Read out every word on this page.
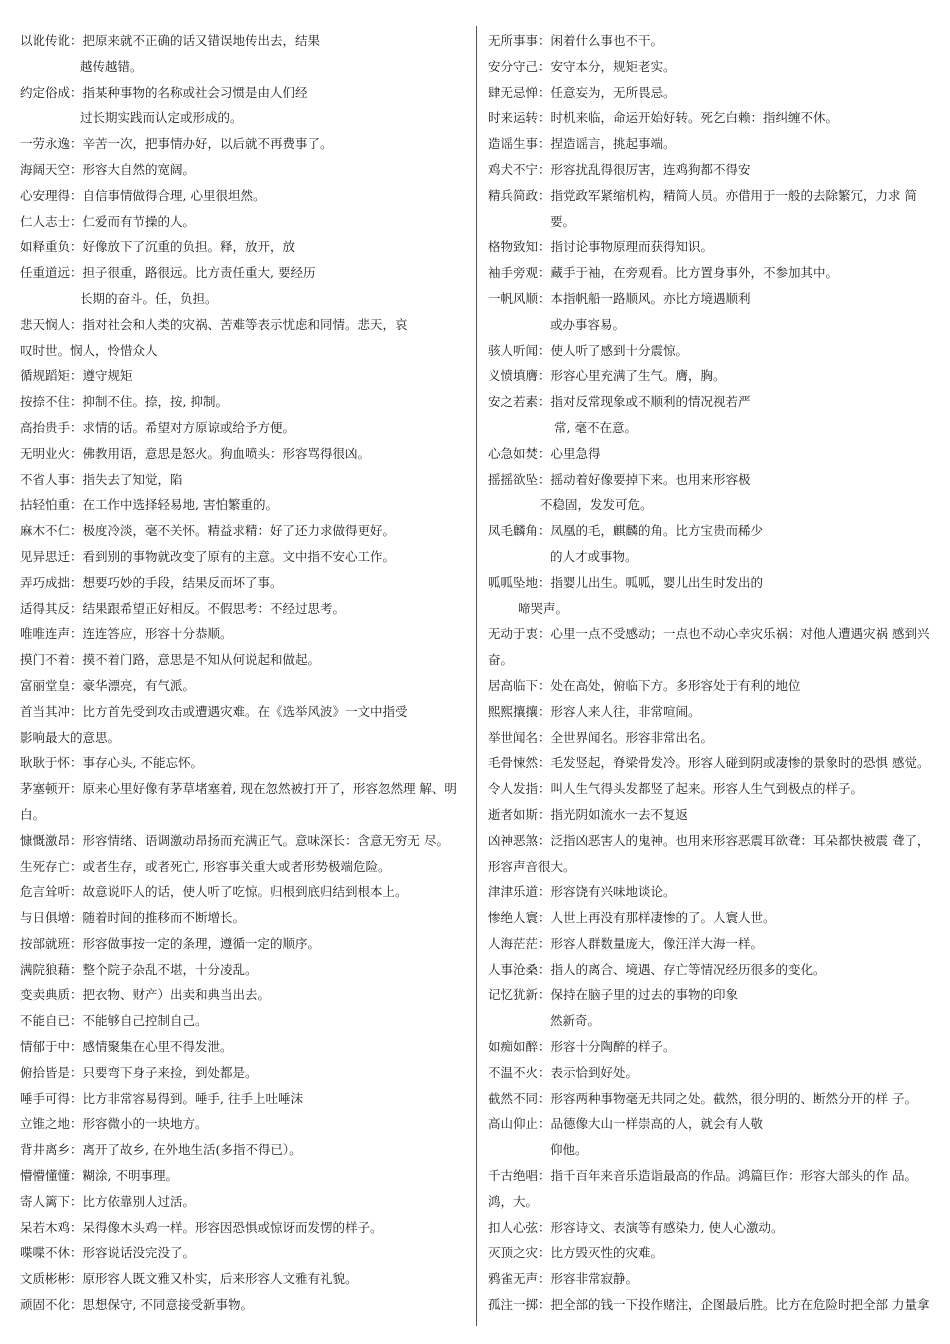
以讹传讹：把原来就不正确的话又错误地传出去，结果
越传越错。
约定俗成：指某种事物的名称或社会习惯是由人们经
过长期实践而认定或形成的。
一劳永逸：辛苦一次，把事情办好，以后就不再费事了。
海阔天空：形容大自然的宽阔。
心安理得：自信事情做得合理, 心里很坦然。
仁人志士：仁爱而有节操的人。
如释重负：好像放下了沉重的负担。释，放开，放
任重道远：担子很重，路很远。比方责任重大, 要经历
长期的奋斗。任，负担。
悲天悯人：指对社会和人类的灾祸、苦难等表示忧虑和同情。悲天，哀
叹时世。悯人，怜惜众人
循规蹈矩：遵守规矩
按捺不住：抑制不住。捺，按, 抑制。
高抬贵手：求情的话。希望对方原谅或给予方便。
无明业火：佛教用语，意思是怒火。狗血喷头：形容骂得很凶。
不省人事：指失去了知觉，陷
拈轻怕重：在工作中选择轻易地, 害怕繁重的。
麻木不仁：极度冷淡，毫不关怀。精益求精：好了还力求做得更好。
见异思迁：看到别的事物就改变了原有的主意。文中指不安心工作。
弄巧成拙：想要巧妙的手段，结果反而坏了事。
适得其反：结果跟希望正好相反。不假思考：不经过思考。
唯唯连声：连连答应，形容十分恭顺。
摸门不着：摸不着门路，意思是不知从何说起和做起。
富丽堂皇：豪华漂亮，有气派。
首当其冲：比方首先受到攻击或遭遇灾难。在《选举风波》一文中指受
影响最大的意思。
耿耿于怀：事存心头, 不能忘怀。
茅塞顿开：原来心里好像有茅草堵塞着, 现在忽然被打开了，形容忽然理 解、明
白。
慷慨激昂：形容情绪、语调激动昂扬而充满正气。意味深长：含意无穷无 尽。
生死存亡：或者生存，或者死亡, 形容事关重大或者形势极端危险。
危言耸听：故意说吓人的话，使人听了吃惊。归根到底归结到根本上。
与日俱增：随着时间的推移而不断增长。
按部就班：形容做事按一定的条理，遵循一定的顺序。
满院狼藉：整个院子杂乱不堪，十分凌乱。
变卖典质：把衣物、财产）出卖和典当出去。
不能自已：不能够自己控制自己。
情郁于中：感情聚集在心里不得发泄。
俯拾皆是：只要弯下身子来捡，到处都是。
唾手可得：比方非常容易得到。唾手, 往手上吐唾沫
立锥之地：形容微小的一块地方。
背井离乡：离开了故乡, 在外地生活(多指不得已）。
懵懵懂懂：糊涂, 不明事理。
寄人篱下：比方依靠别人过活。
呆若木鸡：呆得像木头鸡一样。形容因恐惧或惊讶而发愣的样子。
喋喋不休：形容说话没完没了。
文质彬彬：原形容人既文雅又朴实，后来形容人文雅有礼貌。
顽固不化：思想保守, 不同意接受新事物。
无所事事：闲着什么事也不干。
安分守己：安守本分，规矩老实。
肆无忌惮：任意妄为，无所畏忌。
时来运转：时机来临，命运开始好转。死乞白赖：指纠缠不休。
造谣生事：捏造谣言，挑起事端。
鸡犬不宁：形容扰乱得很厉害，连鸡狗都不得安
精兵简政：指党政军紧缩机构，精简人员。亦借用于一般的去除繁冗，力求 简
要。
格物致知：指讨论事物原理而获得知识。
袖手旁观：藏手于袖，在旁观看。比方置身事外，不参加其中。
一帆风顺：本指帆船一路顺风。亦比方境遇顺利
或办事容易。
骇人听闻：使人听了感到十分震惊。
义愤填膺：形容心里充满了生气。膺，胸。
安之若素：指对反常现象或不顺利的情况视若严
常, 毫不在意。
心急如焚：心里急得
摇摇欲坠：摇动着好像要掉下来。也用来形容极
不稳固，发发可危。
凤毛麟角：凤凰的毛，麒麟的角。比方宝贵而稀少
的人才或事物。
呱呱坠地：指婴儿出生。呱呱，婴儿出生时发出的
啼哭声。
无动于衷：心里一点不受感动；一点也不动心幸灾乐祸：对他人遭遇灾祸 感到兴
奋。
居高临下：处在高处，俯临下方。多形容处于有利的地位
熙熙攘攘：形容人来人往，非常喧闹。
举世闻名：全世界闻名。形容非常出名。
毛骨悚然：毛发竖起，脊梁骨发冷。形容人碰到阴或凄惨的景象时的恐惧 感觉。
令人发指：叫人生气得头发都竖了起来。形容人生气到极点的样子。
逝者如斯：指光阴如流水一去不复返
凶神恶煞：泛指凶恶害人的鬼神。也用来形容恶震耳欲聋：耳朵都快被震 聋了，
形容声音很大。
津津乐道：形容饶有兴味地谈论。
惨绝人寰：人世上再没有那样凄惨的了。人寰人世。
人海茫茫：形容人群数量庞大，像汪洋大海一样。
人事沧桑：指人的离合、境遇、存亡等情况经历很多的变化。
记忆犹新：保持在脑子里的过去的事物的印象
然新奇。
如痴如醉：形容十分陶醉的样子。
不温不火：表示恰到好处。
截然不同：形容两种事物毫无共同之处。截然，很分明的、断然分开的样 子。
高山仰止：品德像大山一样崇高的人，就会有人敬
仰他。
千古绝唱：指千百年来音乐造诣最高的作品。鸿篇巨作：形容大部头的作 品。
鸿，大。
扣人心弦：形容诗文、表演等有感染力, 使人心激动。
灭顶之灾：比方毁灭性的灾难。
鸦雀无声：形容非常寂静。
孤注一掷：把全部的钱一下投作赌注，企图最后胜。比方在危险时把全部 力量拿
